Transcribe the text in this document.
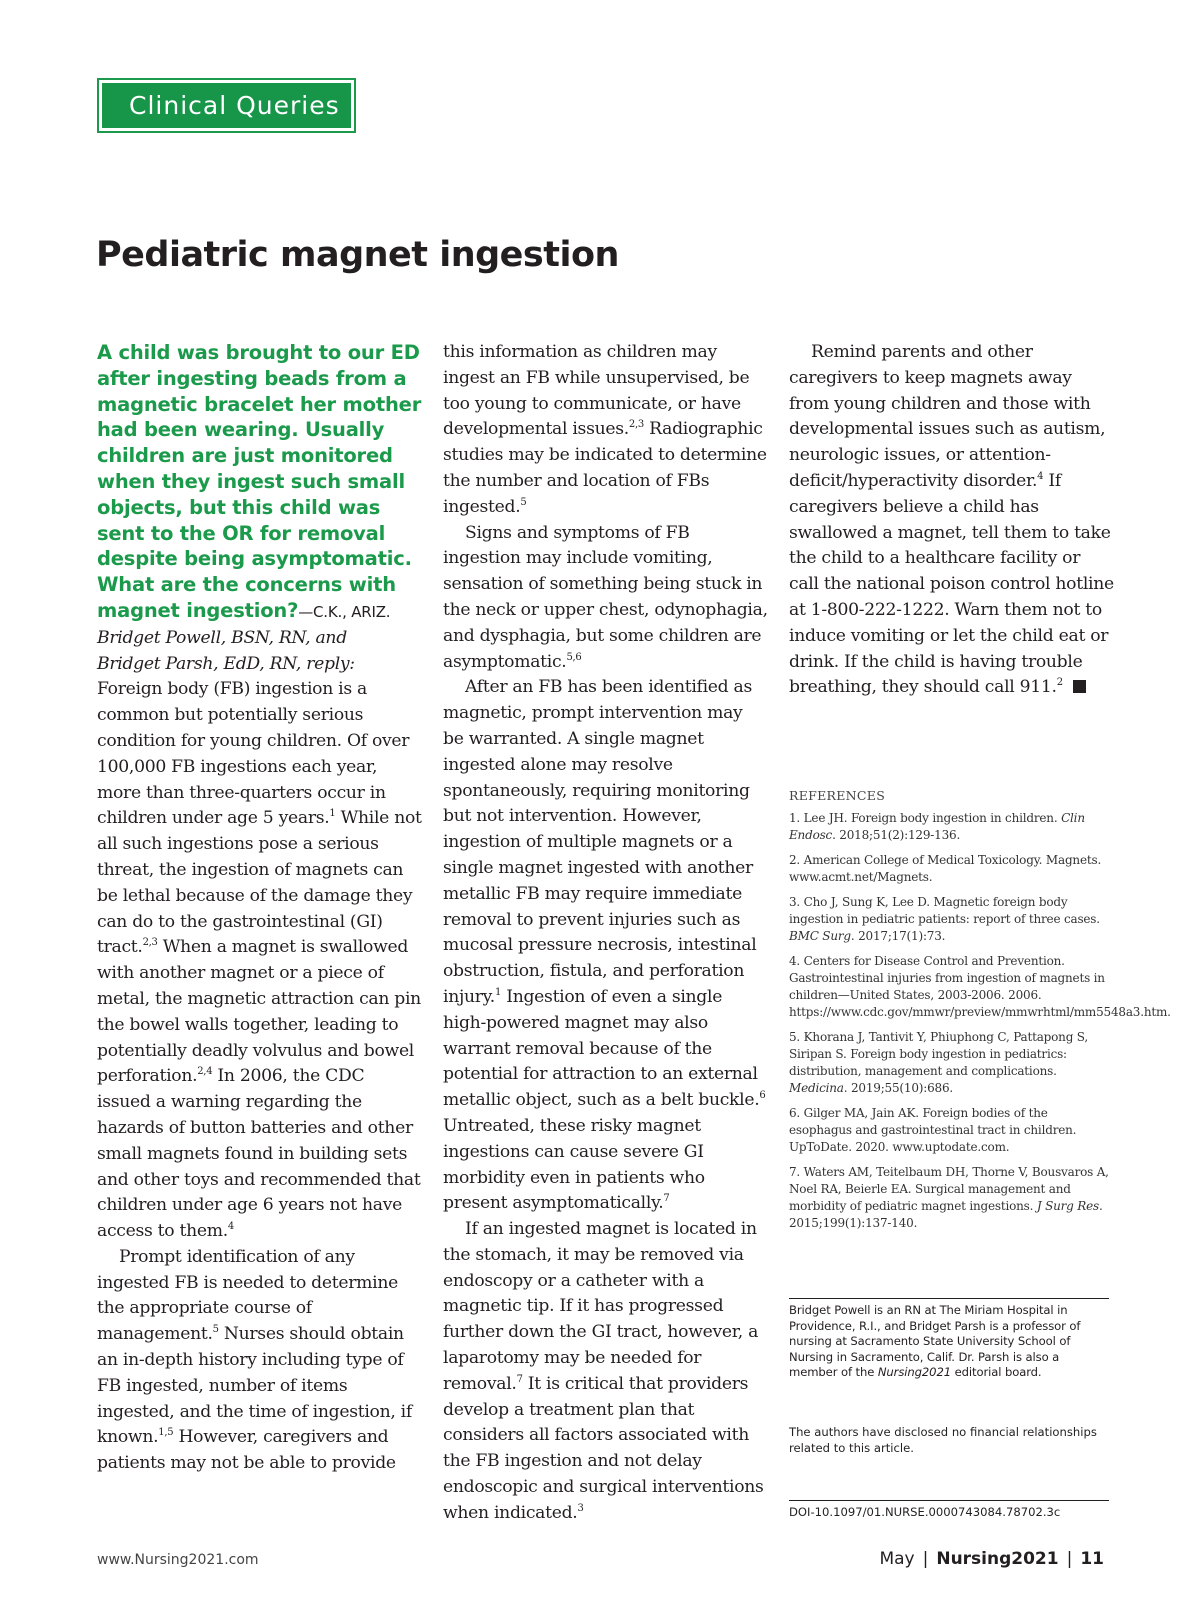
Clinical Queries
Pediatric magnet ingestion

A child was brought to our ED after ingesting beads from a magnetic bracelet her mother had been wearing. Usually children are just monitored when they ingest such small objects, but this child was sent to the OR for removal despite being asymptomatic. What are the concerns with magnet ingestion?—C.K., ARIZ.

Bridget Powell, BSN, RN, and
Bridget Parsh, EdD, RN, reply:

Foreign body (FB) ingestion is a common but potentially serious condition for young children. Of over 100,000 FB ingestions each year, more than three-quarters occur in children under age 5 years.$^1$ While not all such ingestions pose a serious threat, the ingestion of magnets can be lethal because of the damage they can do to the gastrointestinal (GI) tract.$^{2,3}$ When a magnet is swallowed with another magnet or a piece of metal, the magnetic attraction can pin the bowel walls together, leading to potentially deadly volvulus and bowel perforation.$^{2,4}$ In 2006, the CDC issued a warning regarding the hazards of button batteries and other small magnets found in building sets and other toys and recommended that children under age 6 years not have access to them.$^4$

Prompt identification of any ingested FB is needed to determine the appropriate course of management.$^5$ Nurses should obtain an in-depth history including type of FB ingested, number of items ingested, and the time of ingestion, if known.$^{1,5}$ However, caregivers and patients may not be able to provide

this information as children may ingest an FB while unsupervised, be too young to communicate, or have developmental issues.$^{2,3}$ Radiographic studies may be indicated to determine the number and location of FBs ingested.$^5$

Signs and symptoms of FB ingestion may include vomiting, sensation of something being stuck in the neck or upper chest, odynophagia, and dysphagia, but some children are asymptomatic.$^{5,6}$

After an FB has been identified as magnetic, prompt intervention may be warranted. A single magnet ingested alone may resolve spontaneously, requiring monitoring but not intervention. However, ingestion of multiple magnets or a single magnet ingested with another metallic FB may require immediate removal to prevent injuries such as mucosal pressure necrosis, intestinal obstruction, fistula, and perforation injury.$^1$ Ingestion of even a single high-powered magnet may also warrant removal because of the potential for attraction to an external metallic object, such as a belt buckle.$^6$ Untreated, these risky magnet ingestions can cause severe GI morbidity even in patients who present asymptomatically.$^7$

If an ingested magnet is located in the stomach, it may be removed via endoscopy or a catheter with a magnetic tip. If it has progressed further down the GI tract, however, a laparotomy may be needed for removal.$^7$ It is critical that providers develop a treatment plan that considers all factors associated with the FB ingestion and not delay endoscopic and surgical interventions when indicated.$^3$

Remind parents and other caregivers to keep magnets away from young children and those with developmental issues such as autism, neurologic issues, or attention-deficit/hyperactivity disorder.$^4$ If caregivers believe a child has swallowed a magnet, tell them to take the child to a healthcare facility or call the national poison control hotline at 1-800-222-1222. Warn them not to induce vomiting or let the child eat or drink. If the child is having trouble breathing, they should call 911.$^2$

REFERENCES
1. Lee JH. Foreign body ingestion in children. Clin Endosc. 2018;51(2):129-136.
2. American College of Medical Toxicology. Magnets. www.acmt.net/Magnets.
3. Cho J, Sung K, Lee D. Magnetic foreign body ingestion in pediatric patients: report of three cases. BMC Surg. 2017;17(1):73.
4. Centers for Disease Control and Prevention. Gastrointestinal injuries from ingestion of magnets in children—United States, 2003-2006. 2006. https://www.cdc.gov/mmwr/preview/mmwrhtml/mm5548a3.htm.
5. Khorana J, Tantivit Y, Phiuphong C, Pattapong S, Siripan S. Foreign body ingestion in pediatrics: distribution, management and complications. Medicina. 2019;55(10):686.
6. Gilger MA, Jain AK. Foreign bodies of the esophagus and gastrointestinal tract in children. UpToDate. 2020. www.uptodate.com.
7. Waters AM, Teitelbaum DH, Thorne V, Bousvaros A, Noel RA, Beierle EA. Surgical management and morbidity of pediatric magnet ingestions. J Surg Res. 2015;199(1):137-140.
Bridget Powell is an RN at The Miriam Hospital in Providence, R.I., and Bridget Parsh is a professor of nursing at Sacramento State University School of Nursing in Sacramento, Calif. Dr. Parsh is also a member of the Nursing2021 editorial board.
The authors have disclosed no financial relationships related to this article.
DOI-10.1097/01.NURSE.0000743084.78702.3c
www.Nursing2021.com	May | Nursing2021 | 11
